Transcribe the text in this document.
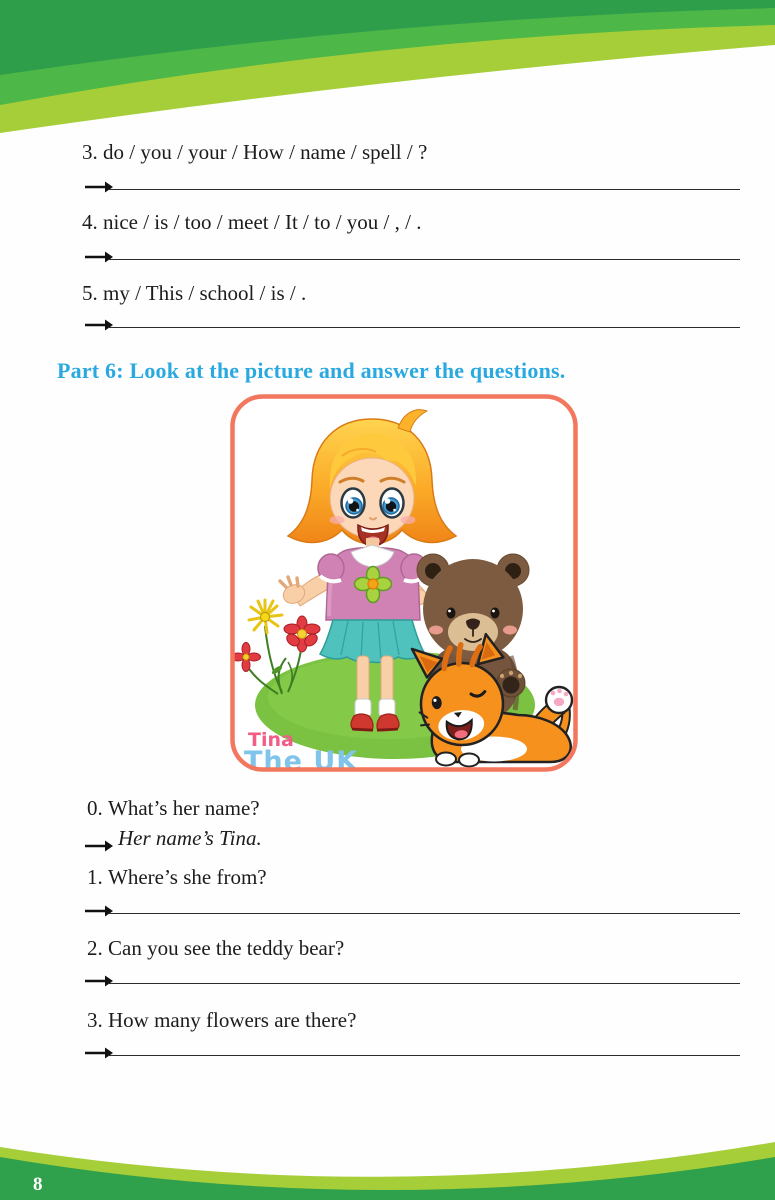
3. do / you / your / How / name / spell / ?
4. nice / is / too / meet / It / to / you / , / .
5. my / This / school / is / .
Part 6: Look at the picture and answer the questions.
Tina
The UK
0. What’s her name?
Her name’s Tina.
1. Where’s she from?
2. Can you see the teddy bear?
3. How many flowers are there?
8
